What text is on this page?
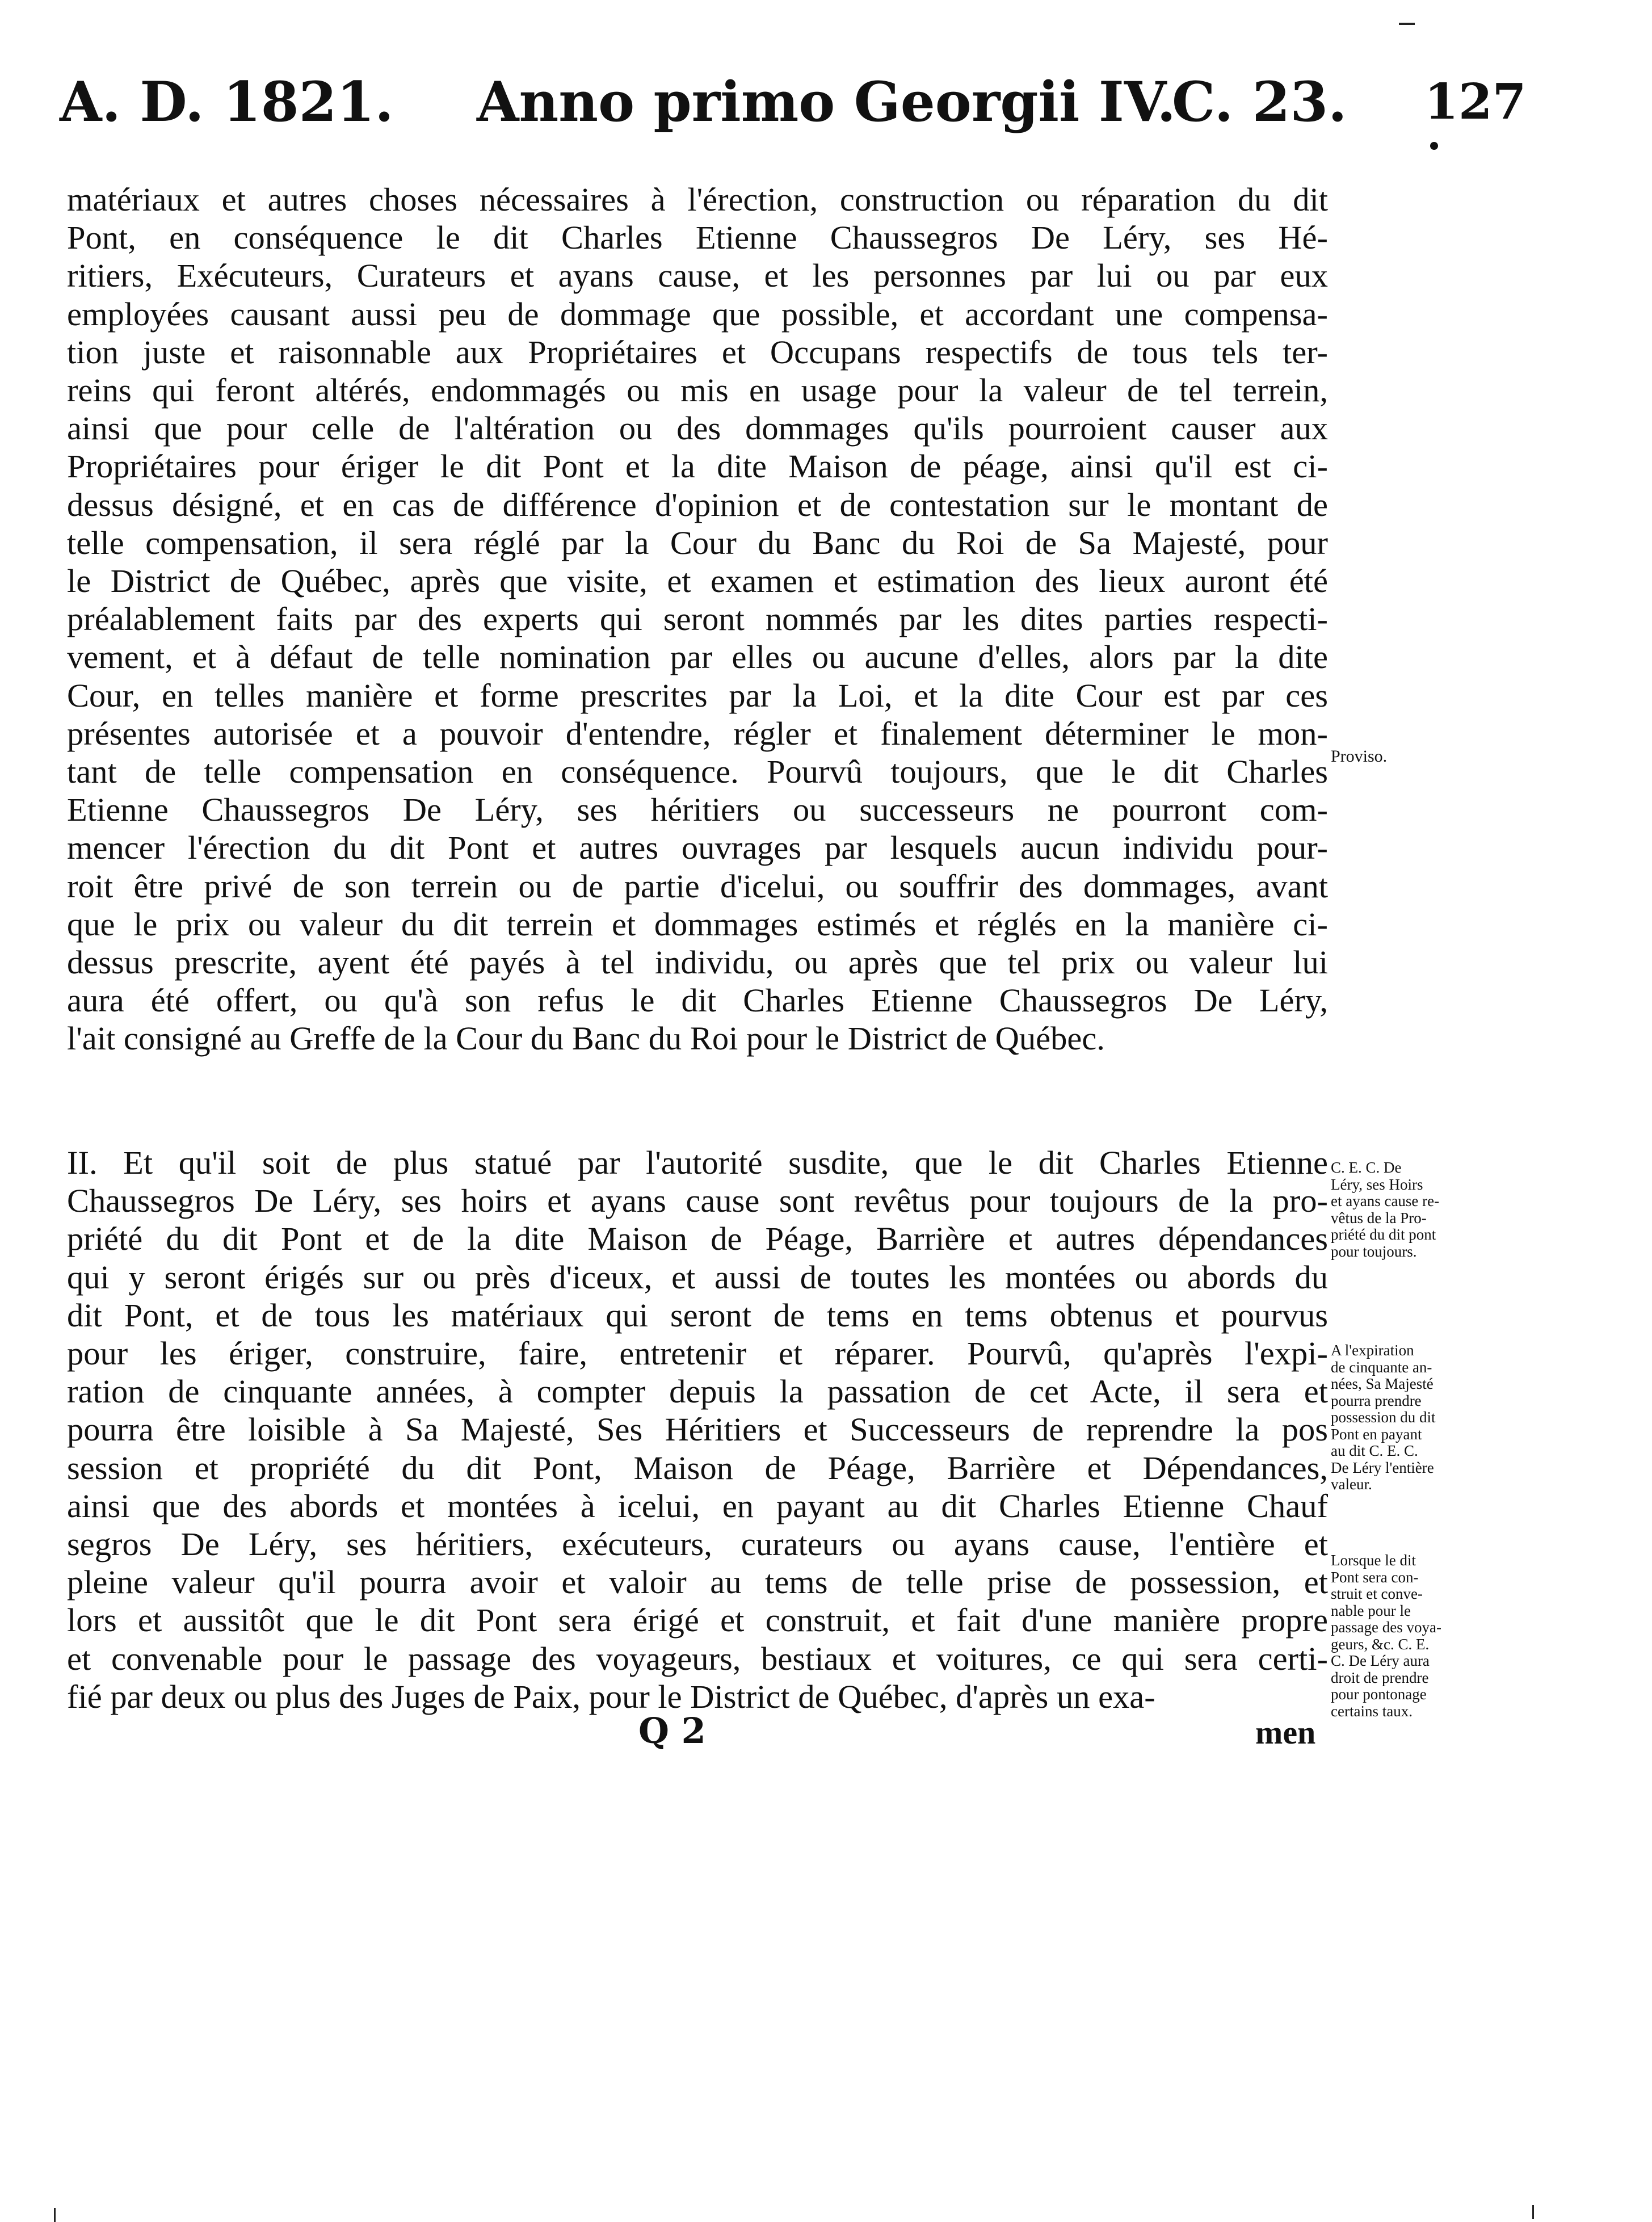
A. D. 1821. Anno primo Georgii IV.
C. 23. 127
matériaux et autres choses nécessaires à l'érection, construction ou réparation du dit
Pont, en conséquence le dit Charles Etienne Chaussegros De Léry, ses Hé-
ritiers, Exécuteurs, Curateurs et ayans cause, et les personnes par lui ou par eux
employées causant aussi peu de dommage que possible, et accordant une compensa-
tion juste et raisonnable aux Propriétaires et Occupans respectifs de tous tels ter-
reins qui feront altérés, endommagés ou mis en usage pour la valeur de tel terrein,
ainsi que pour celle de l'altération ou des dommages qu'ils pourroient causer aux
Propriétaires pour ériger le dit Pont et la dite Maison de péage, ainsi qu'il est ci-
dessus désigné, et en cas de différence d'opinion et de contestation sur le montant de
telle compensation, il sera réglé par la Cour du Banc du Roi de Sa Majesté, pour
le District de Québec, après que visite, et examen et estimation des lieux auront été
préalablement faits par des experts qui seront nommés par les dites parties respecti-
vement, et à défaut de telle nomination par elles ou aucune d'elles, alors par la dite
Cour, en telles manière et forme prescrites par la Loi, et la dite Cour est par ces
présentes autorisée et a pouvoir d'entendre, régler et finalement déterminer le mon-
tant de telle compensation en conséquence. Pourvû toujours, que le dit Charles
Etienne Chaussegros De Léry, ses héritiers ou successeurs ne pourront com-
mencer l'érection du dit Pont et autres ouvrages par lesquels aucun individu pour-
roit être privé de son terrein ou de partie d'icelui, ou souffrir des dommages, avant
que le prix ou valeur du dit terrein et dommages estimés et réglés en la manière ci-
dessus prescrite, ayent été payés à tel individu, ou après que tel prix ou valeur lui
aura été offert, ou qu'à son refus le dit Charles Etienne Chaussegros De Léry,
l'ait consigné au Greffe de la Cour du Banc du Roi pour le District de Québec.
Proviso.
II. Et qu'il soit de plus statué par l'autorité susdite, que le dit Charles Etienne
Chaussegros De Léry, ses hoirs et ayans cause sont revêtus pour toujours de la pro-
priété du dit Pont et de la dite Maison de Péage, Barrière et autres dépendances
qui y seront érigés sur ou près d'iceux, et aussi de toutes les montées ou abords du
dit Pont, et de tous les matériaux qui seront de tems en tems obtenus et pourvus
pour les ériger, construire, faire, entretenir et réparer. Pourvû, qu'après l'expi-
ration de cinquante années, à compter depuis la passation de cet Acte, il sera et
pourra être loisible à Sa Majesté, Ses Héritiers et Successeurs de reprendre la pos
session et propriété du dit Pont, Maison de Péage, Barrière et Dépendances,
ainsi que des abords et montées à icelui, en payant au dit Charles Etienne Chauf
segros De Léry, ses héritiers, exécuteurs, curateurs ou ayans cause, l'entière et
pleine valeur qu'il pourra avoir et valoir au tems de telle prise de possession, et
lors et aussitôt que le dit Pont sera érigé et construit, et fait d'une manière propre
et convenable pour le passage des voyageurs, bestiaux et voitures, ce qui sera certi-
fié par deux ou plus des Juges de Paix, pour le District de Québec, d'après un exa-
C. E. C. De
Léry, ses Hoirs
et ayans cause re-
vêtus de la Pro-
priété du dit pont
pour toujours.
A l'expiration
de cinquante an-
nées, Sa Majesté
pourra prendre
possession du dit
Pont en payant
au dit C. E. C.
De Léry l'entière
valeur.
Lorsque le dit
Pont sera con-
struit et conve-
nable pour le
passage des voya-
geurs, &c. C. E.
C. De Léry aura
droit de prendre
pour pontonage
certains taux.
Q 2	men
